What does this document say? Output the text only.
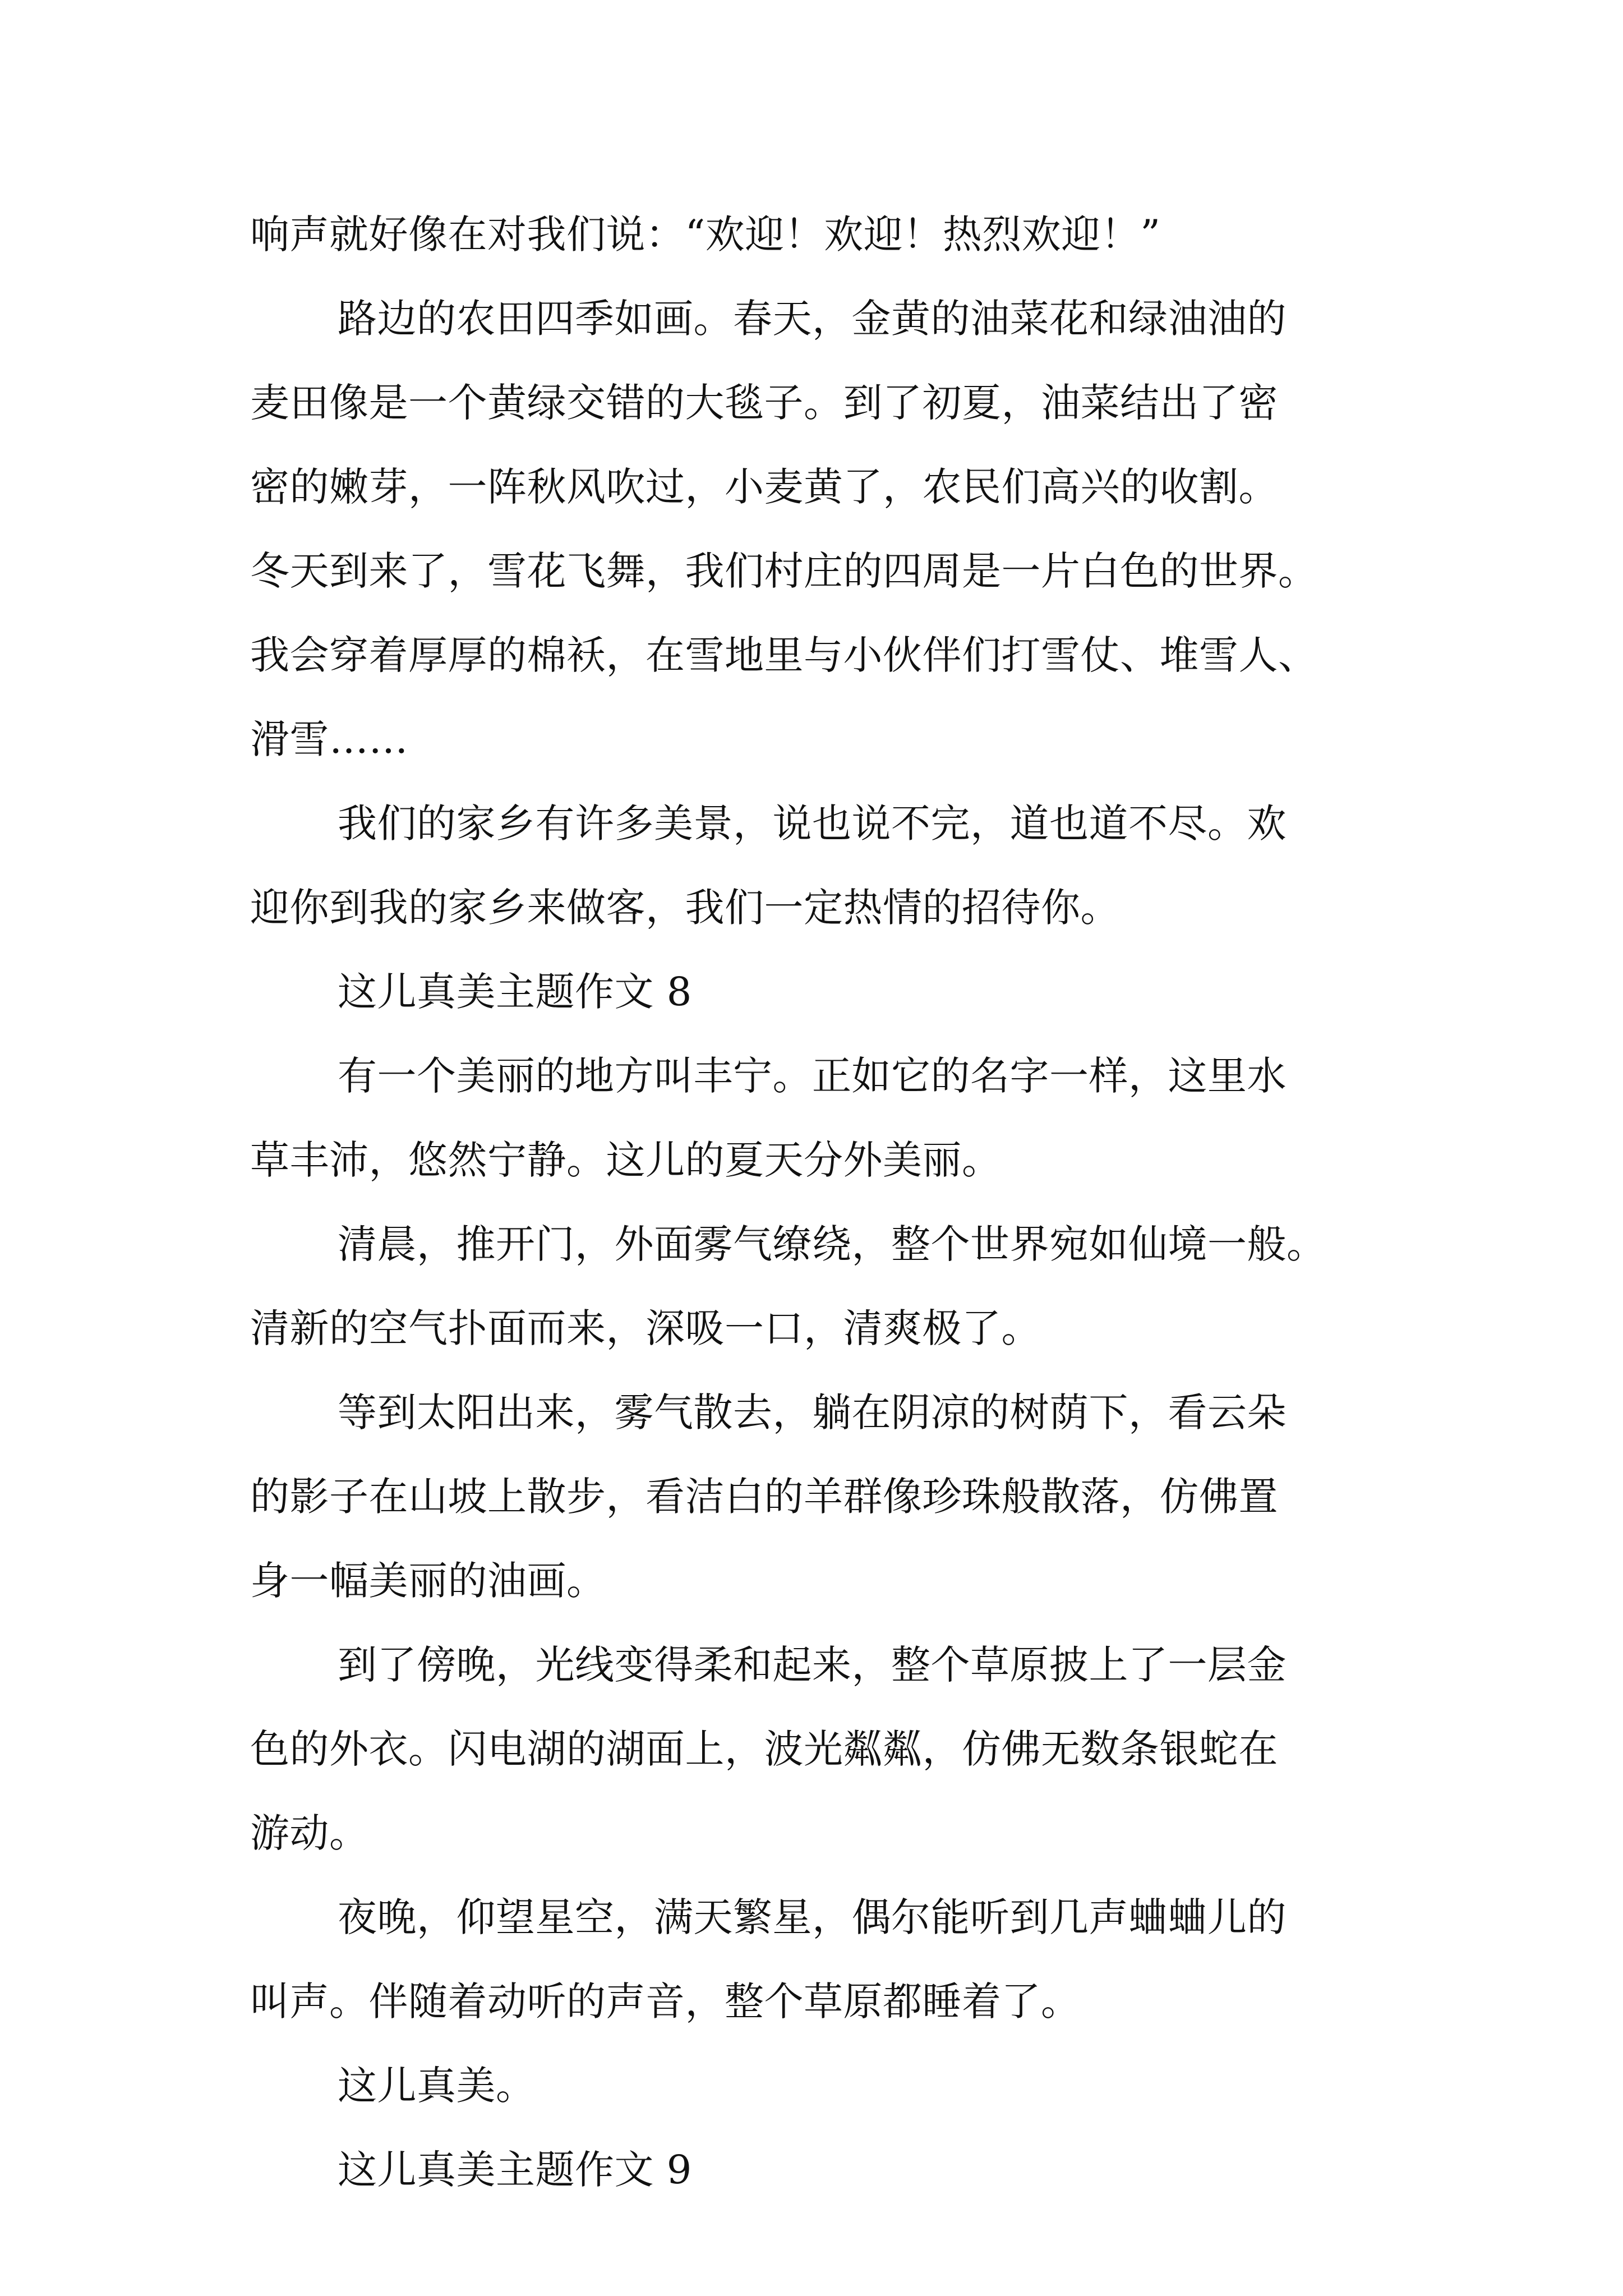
响声就好像在对我们说：“欢迎！欢迎！热烈欢迎！”
路边的农田四季如画。春天，金黄的油菜花和绿油油的
麦田像是一个黄绿交错的大毯子。到了初夏，油菜结出了密
密的嫩芽，一阵秋风吹过，小麦黄了，农民们高兴的收割。
冬天到来了，雪花飞舞，我们村庄的四周是一片白色的世界。
我会穿着厚厚的棉袄，在雪地里与小伙伴们打雪仗、堆雪人、
滑雪……
我们的家乡有许多美景，说也说不完，道也道不尽。欢
迎你到我的家乡来做客，我们一定热情的招待你。
这儿真美主题作文 8
有一个美丽的地方叫丰宁。正如它的名字一样，这里水
草丰沛，悠然宁静。这儿的夏天分外美丽。
清晨，推开门，外面雾气缭绕，整个世界宛如仙境一般。
清新的空气扑面而来，深吸一口，清爽极了。
等到太阳出来，雾气散去，躺在阴凉的树荫下，看云朵
的影子在山坡上散步，看洁白的羊群像珍珠般散落，仿佛置
身一幅美丽的油画。
到了傍晚，光线变得柔和起来，整个草原披上了一层金
色的外衣。闪电湖的湖面上，波光粼粼，仿佛无数条银蛇在
游动。
夜晚，仰望星空，满天繁星，偶尔能听到几声蛐蛐儿的
叫声。伴随着动听的声音，整个草原都睡着了。
这儿真美。
这儿真美主题作文 9
